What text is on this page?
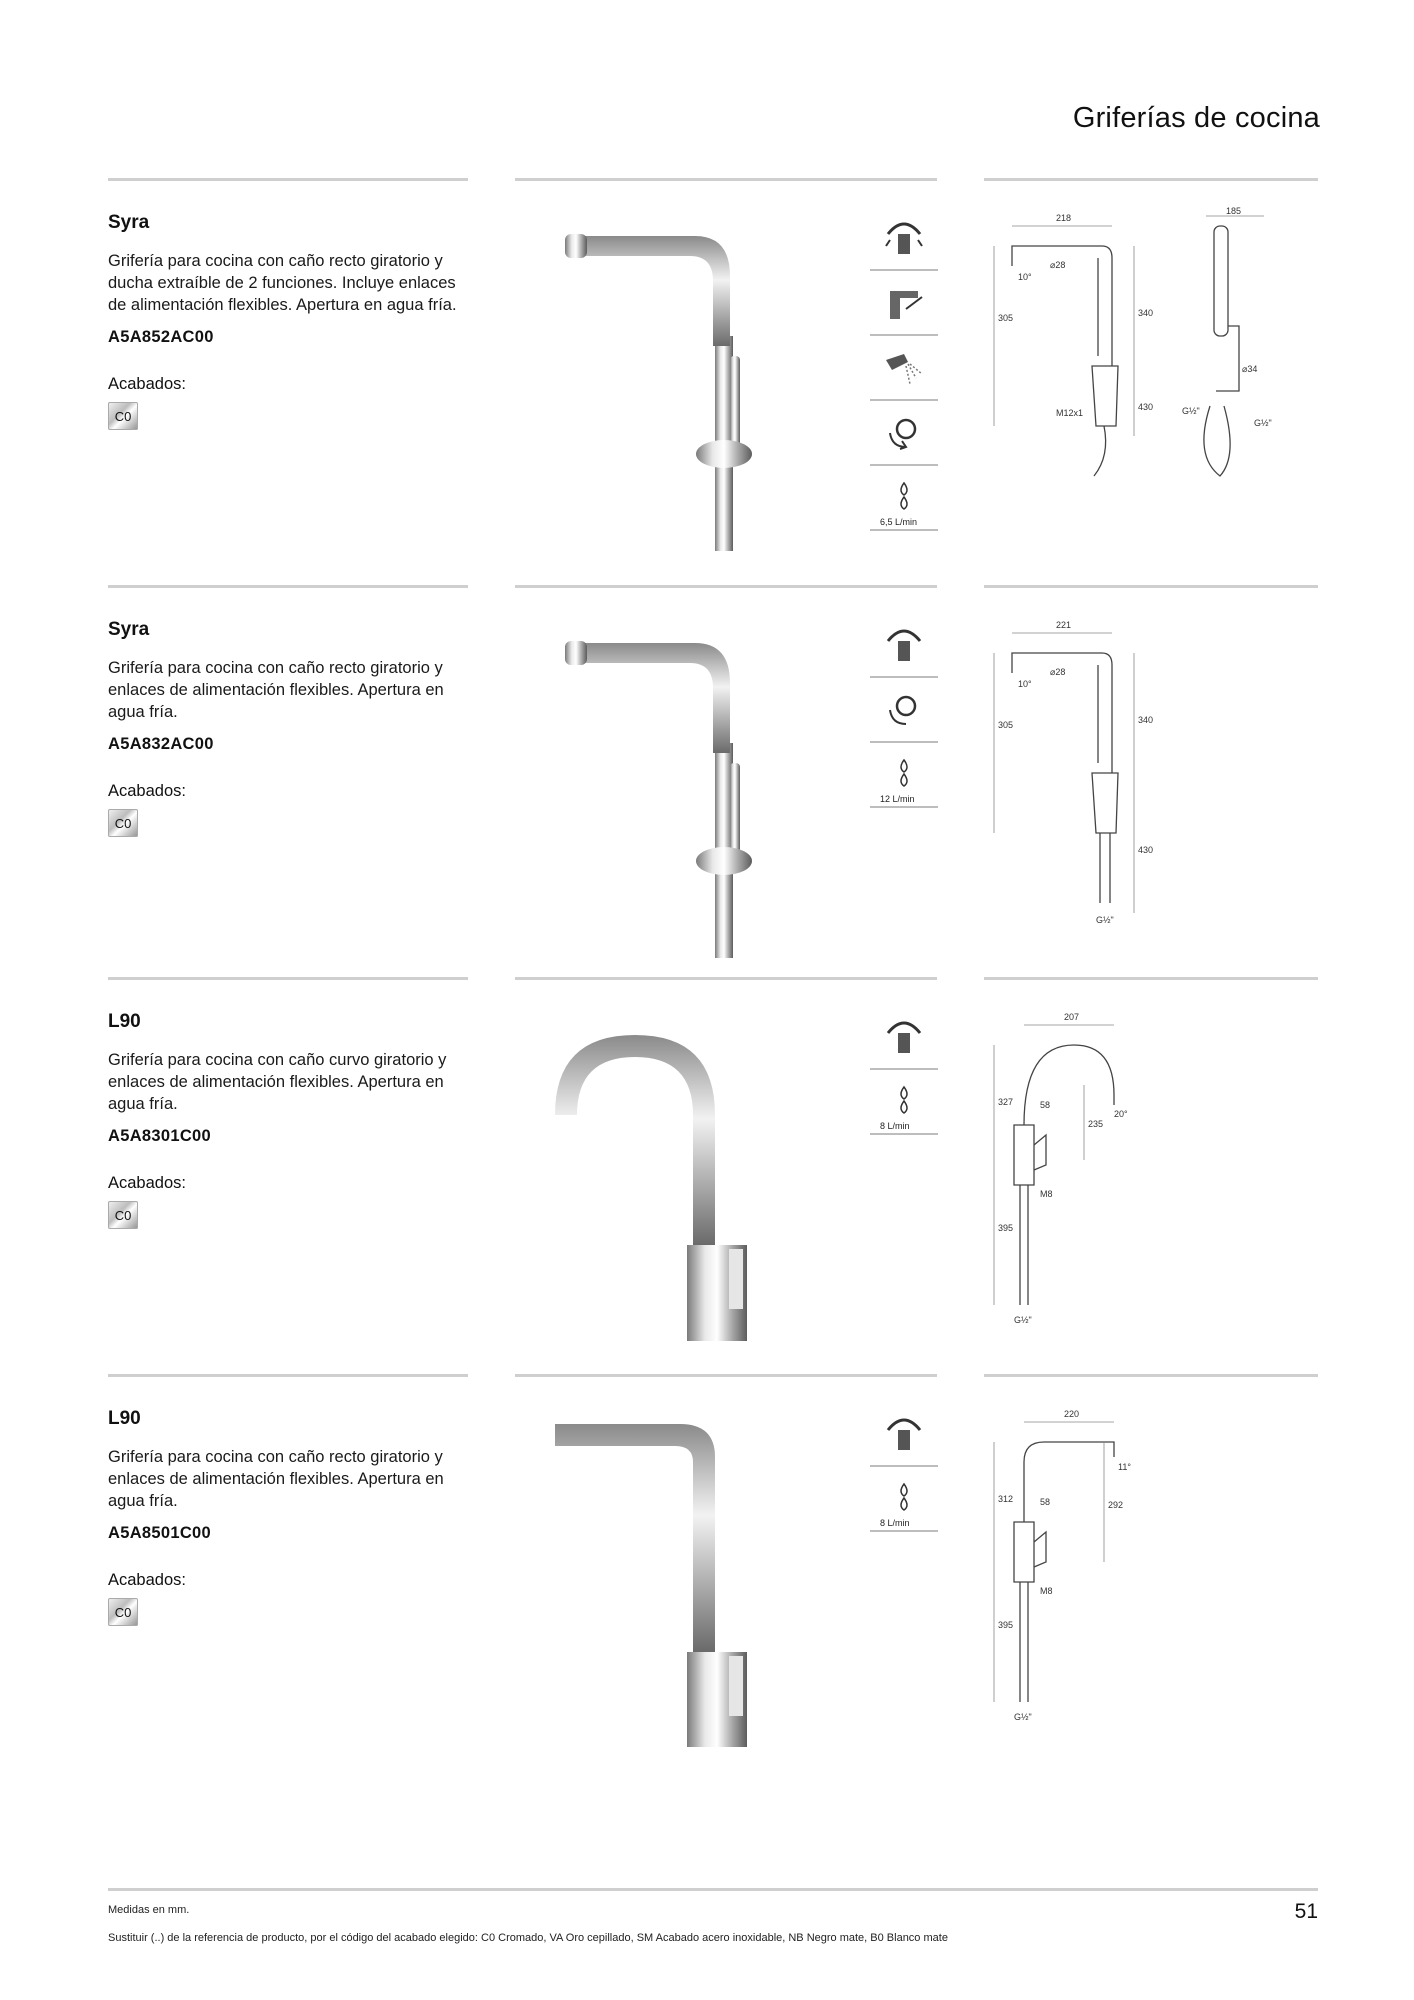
Griferías de cocina
Syra

Grifería para cocina con caño recto giratorio y ducha extraíble de 2 funciones. Incluye enlaces de alimentación flexibles. Apertura en agua fría.

A5A852AC00

Acabados:

C0
6,5 L/min
218
⌀28
10°
305	340
430
M12x1
185
⌀34
G½"
G½"
Syra

Grifería para cocina con caño recto giratorio y enlaces de alimentación flexibles. Apertura en agua fría.

A5A832AC00

Acabados:

C0
12 L/min
221
⌀28
10°
305	340
430
G½"
L90

Grifería para cocina con caño curvo giratorio y enlaces de alimentación flexibles. Apertura en agua fría.

A5A8301C00

Acabados:

C0
8 L/min
207
20°
327	58
235
M8
395
G½"
L90

Grifería para cocina con caño recto giratorio y enlaces de alimentación flexibles. Apertura en agua fría.

A5A8501C00

Acabados:

C0
8 L/min
220
11°
312	58	292
M8
395
G½"

Medidas en mm.

Sustituir (..) de la referencia de producto, por el código del acabado elegido: C0 Cromado, VA Oro cepillado, SM Acabado acero inoxidable, NB Negro mate, B0 Blanco mate

51
